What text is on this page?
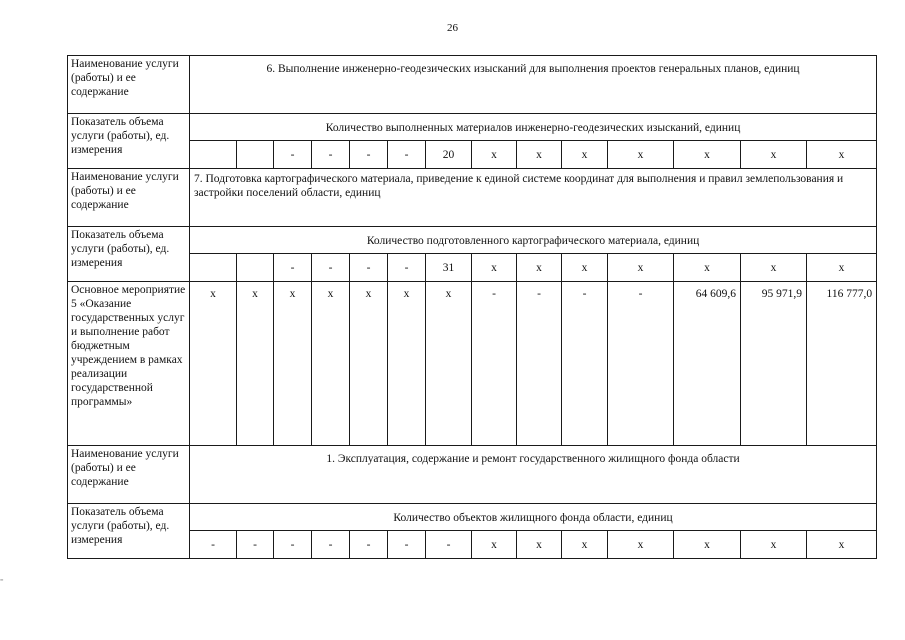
26
Наименование услуги (работы) и ее содержание	6. Выполнение инженерно-геодезических изысканий для выполнения проектов генеральных планов, единиц													
Показатель объема услуги (работы), ед. измерения	Количество выполненных материалов инженерно-геодезических изысканий, единиц													
			-	-	-	-	20	x	x	x	x	x	x	x
Наименование услуги (работы) и ее содержание	7. Подготовка картографического материала, приведение к единой системе координат для выполнения и правил землепользования и застройки поселений области, единиц													
Показатель объема услуги (работы), ед. измерения	Количество подготовленного картографического материала, единиц													
			-	-	-	-	31	x	x	x	x	x	x	x
Основное мероприятие 5 «Оказание государственных услуг и выполнение работ бюджетным учреждением в рамках реализации государственной программы»	x	x	x	x	x	x	x	-	-	-	-	64 609,6	95 971,9	116 777,0
Наименование услуги (работы) и ее содержание	1. Эксплуатация, содержание и ремонт государственного жилищного фонда области													
Показатель объема услуги (работы), ед. измерения	Количество объектов жилищного фонда области, единиц													
	-	-	-	-	-	-	-	x	x	x	x	x	x	x
=
